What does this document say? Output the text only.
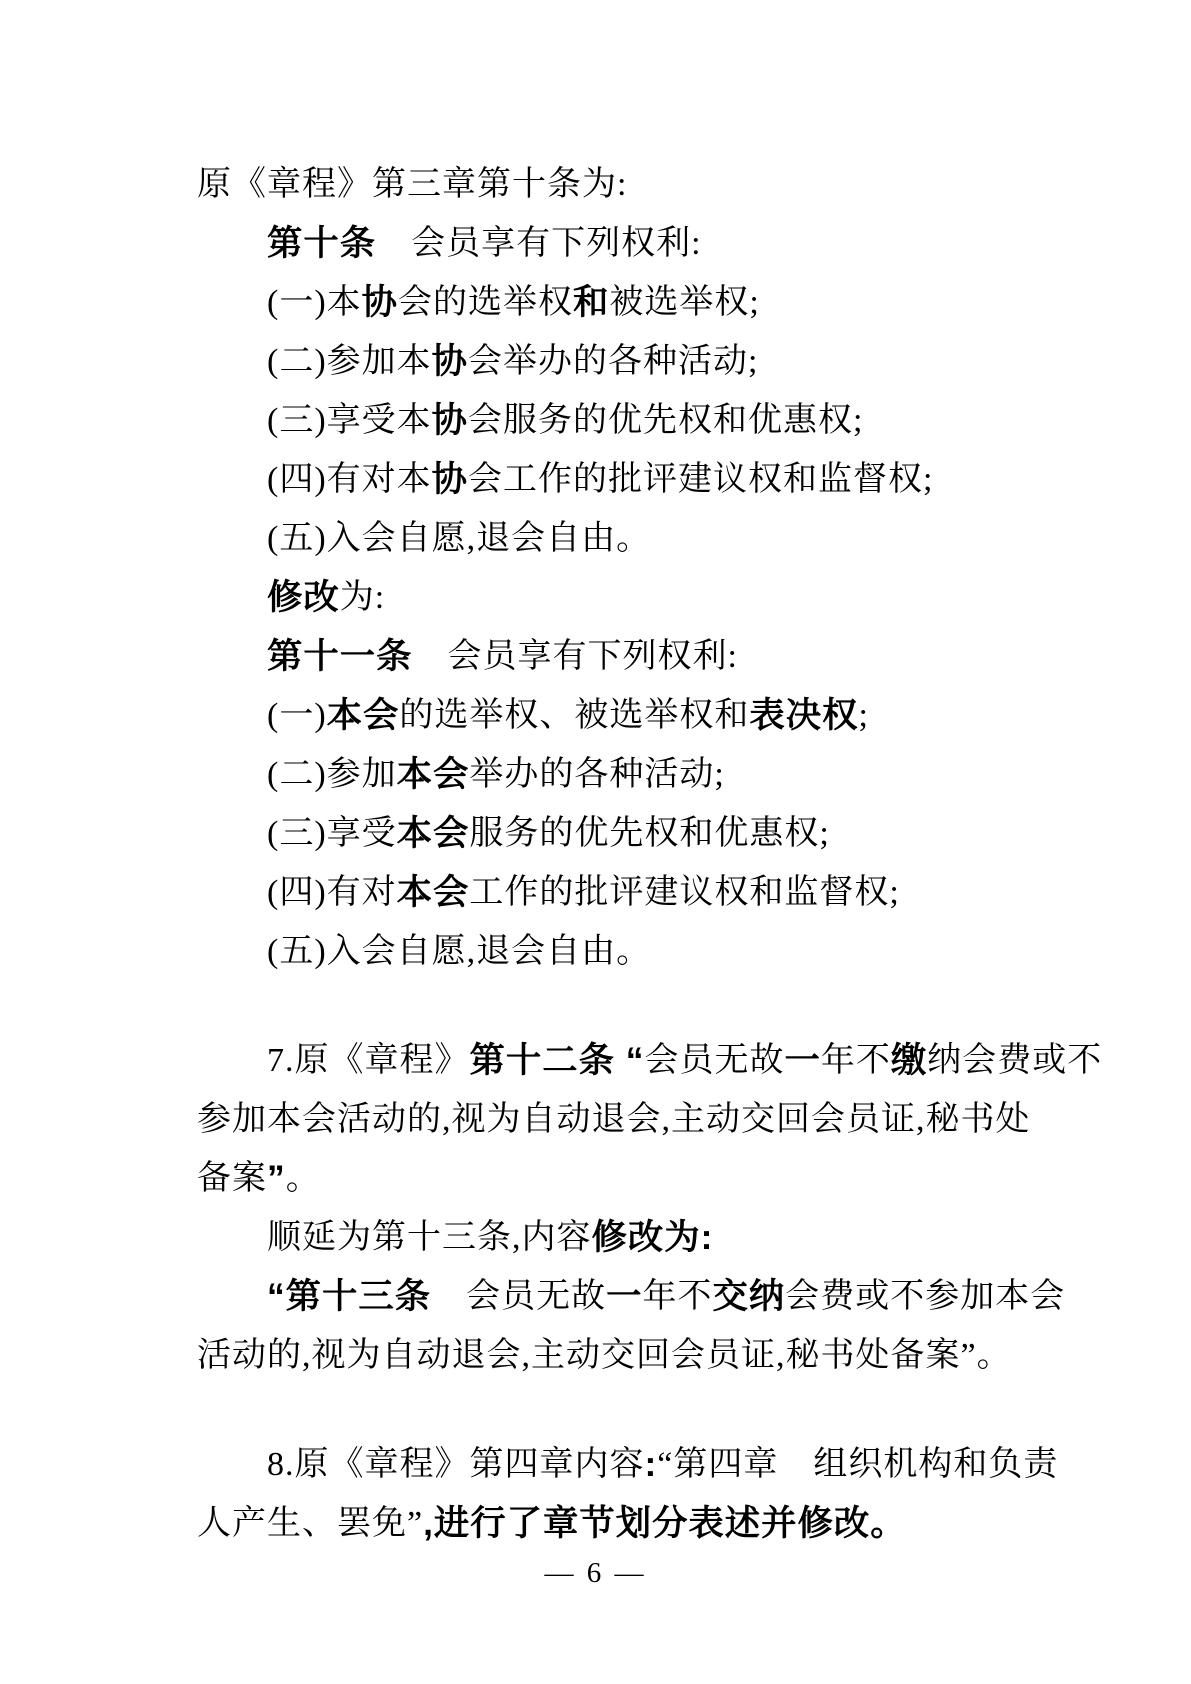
原《章程》第三章第十条为:
第十条 　会员享有下列权利:
(一)本 协 会的选举权 和 被选举权;
(二)参加本 协 会举办的各种活动;
(三)享受本 协 会服务的优先权和优惠权;
(四)有对本 协 会工作的批评建议权和监督权;
(五)入会自愿,退会自由。
修改 为:
第十一条 　会员享有下列权利:
(一) 本会 的选举权、被选举权和 表决权 ;
(二)参加 本会 举办的各种活动;
(三)享受 本会 服务的优先权和优惠权;
(四)有对 本会 工作的批评建议权和监督权;
(五)入会自愿,退会自由。
7.原《章程》 第十二条 “ 会员无故 一 年不 缴 纳会费或不
参加本会活动的,视为自动退会,主动交回会员证,秘书处
备案 ” 。
顺延为第十三条,内容 修改为:
“第十三条 　会员无故 一 年不 交纳 会费或不参加本会
活动的,视为自动退会,主动交回会员证,秘书处备案”。
8.原《章程》第四章内容 : “第四章　组织机构和负责
人产生、罢免” ,进行了章节划分表述并修改。
— 6 —
